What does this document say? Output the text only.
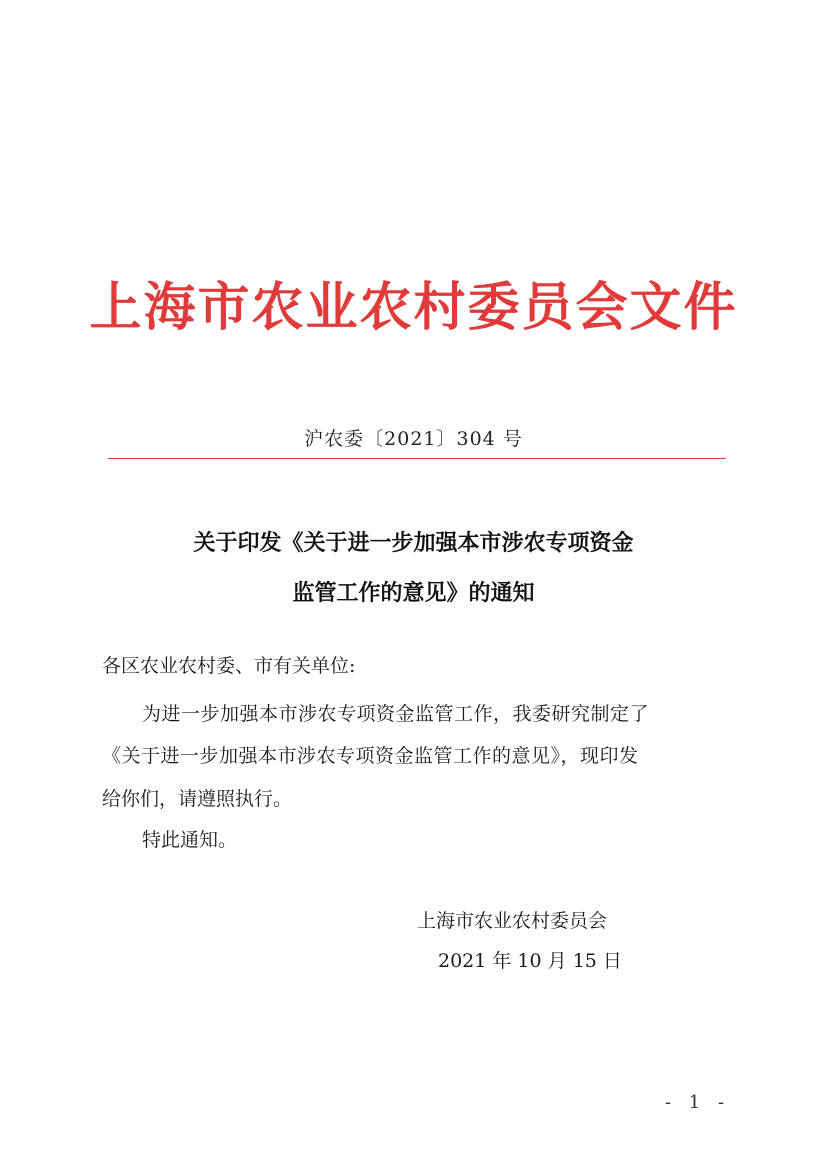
上海市农业农村委员会文件
沪农委〔2021〕304 号
关于印发《关于进一步加强本市涉农专项资金
监管工作的意见》的通知
各区农业农村委、市有关单位:
为进一步加强本市涉农专项资金监管工作，我委研究制定了
《关于进一步加强本市涉农专项资金监管工作的意见》，现印发
给你们，请遵照执行。
特此通知。
上海市农业农村委员会
2021 年 10 月 15 日
- 1 -
